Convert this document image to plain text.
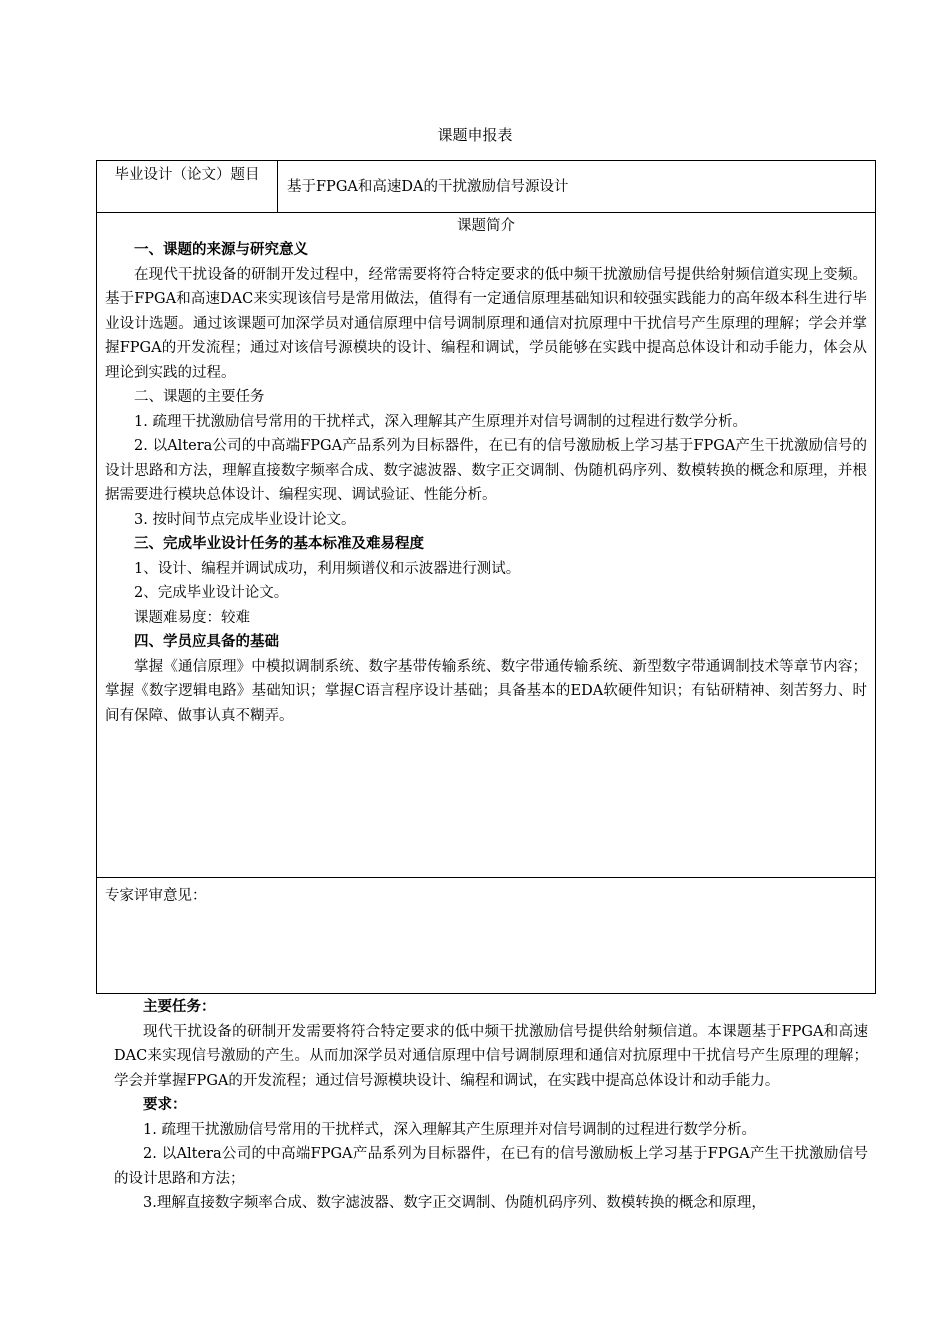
课题申报表
毕业设计（论文）题目
基于FPGA和高速DA的干扰激励信号源设计
课题简介

一、课题的来源与研究意义

在现代干扰设备的研制开发过程中，经常需要将符合特定要求的低中频干扰激励信号提供给射频信道实现上变频。基于FPGA和高速DAC来实现该信号是常用做法，值得有一定通信原理基础知识和较强实践能力的高年级本科生进行毕业设计选题。通过该课题可加深学员对通信原理中信号调制原理和通信对抗原理中干扰信号产生原理的理解；学会并掌握FPGA的开发流程；通过对该信号源模块的设计、编程和调试，学员能够在实践中提高总体设计和动手能力，体会从理论到实践的过程。

二、课题的主要任务

1. 疏理干扰激励信号常用的干扰样式，深入理解其产生原理并对信号调制的过程进行数学分析。

2. 以Altera公司的中高端FPGA产品系列为目标器件，在已有的信号激励板上学习基于FPGA产生干扰激励信号的设计思路和方法，理解直接数字频率合成、数字滤波器、数字正交调制、伪随机码序列、数模转换的概念和原理，并根据需要进行模块总体设计、编程实现、调试验证、性能分析。

3. 按时间节点完成毕业设计论文。

三、完成毕业设计任务的基本标准及难易程度

1、设计、编程并调试成功，利用频谱仪和示波器进行测试。

2、完成毕业设计论文。

课题难易度：较难

四、学员应具备的基础

掌握《通信原理》中模拟调制系统、数字基带传输系统、数字带通传输系统、新型数字带通调制技术等章节内容；掌握《数字逻辑电路》基础知识；掌握C语言程序设计基础；具备基本的EDA软硬件知识；有钻研精神、刻苦努力、时间有保障、做事认真不糊弄。

专家评审意见：

主要任务：

现代干扰设备的研制开发需要将符合特定要求的低中频干扰激励信号提供给射频信道。本课题基于FPGA和高速DAC来实现信号激励的产生。从而加深学员对通信原理中信号调制原理和通信对抗原理中干扰信号产生原理的理解；学会并掌握FPGA的开发流程；通过信号源模块设计、编程和调试，在实践中提高总体设计和动手能力。

要求：

1. 疏理干扰激励信号常用的干扰样式，深入理解其产生原理并对信号调制的过程进行数学分析。

2. 以Altera公司的中高端FPGA产品系列为目标器件，在已有的信号激励板上学习基于FPGA产生干扰激励信号的设计思路和方法；

3.理解直接数字频率合成、数字滤波器、数字正交调制、伪随机码序列、数模转换的概念和原理，
